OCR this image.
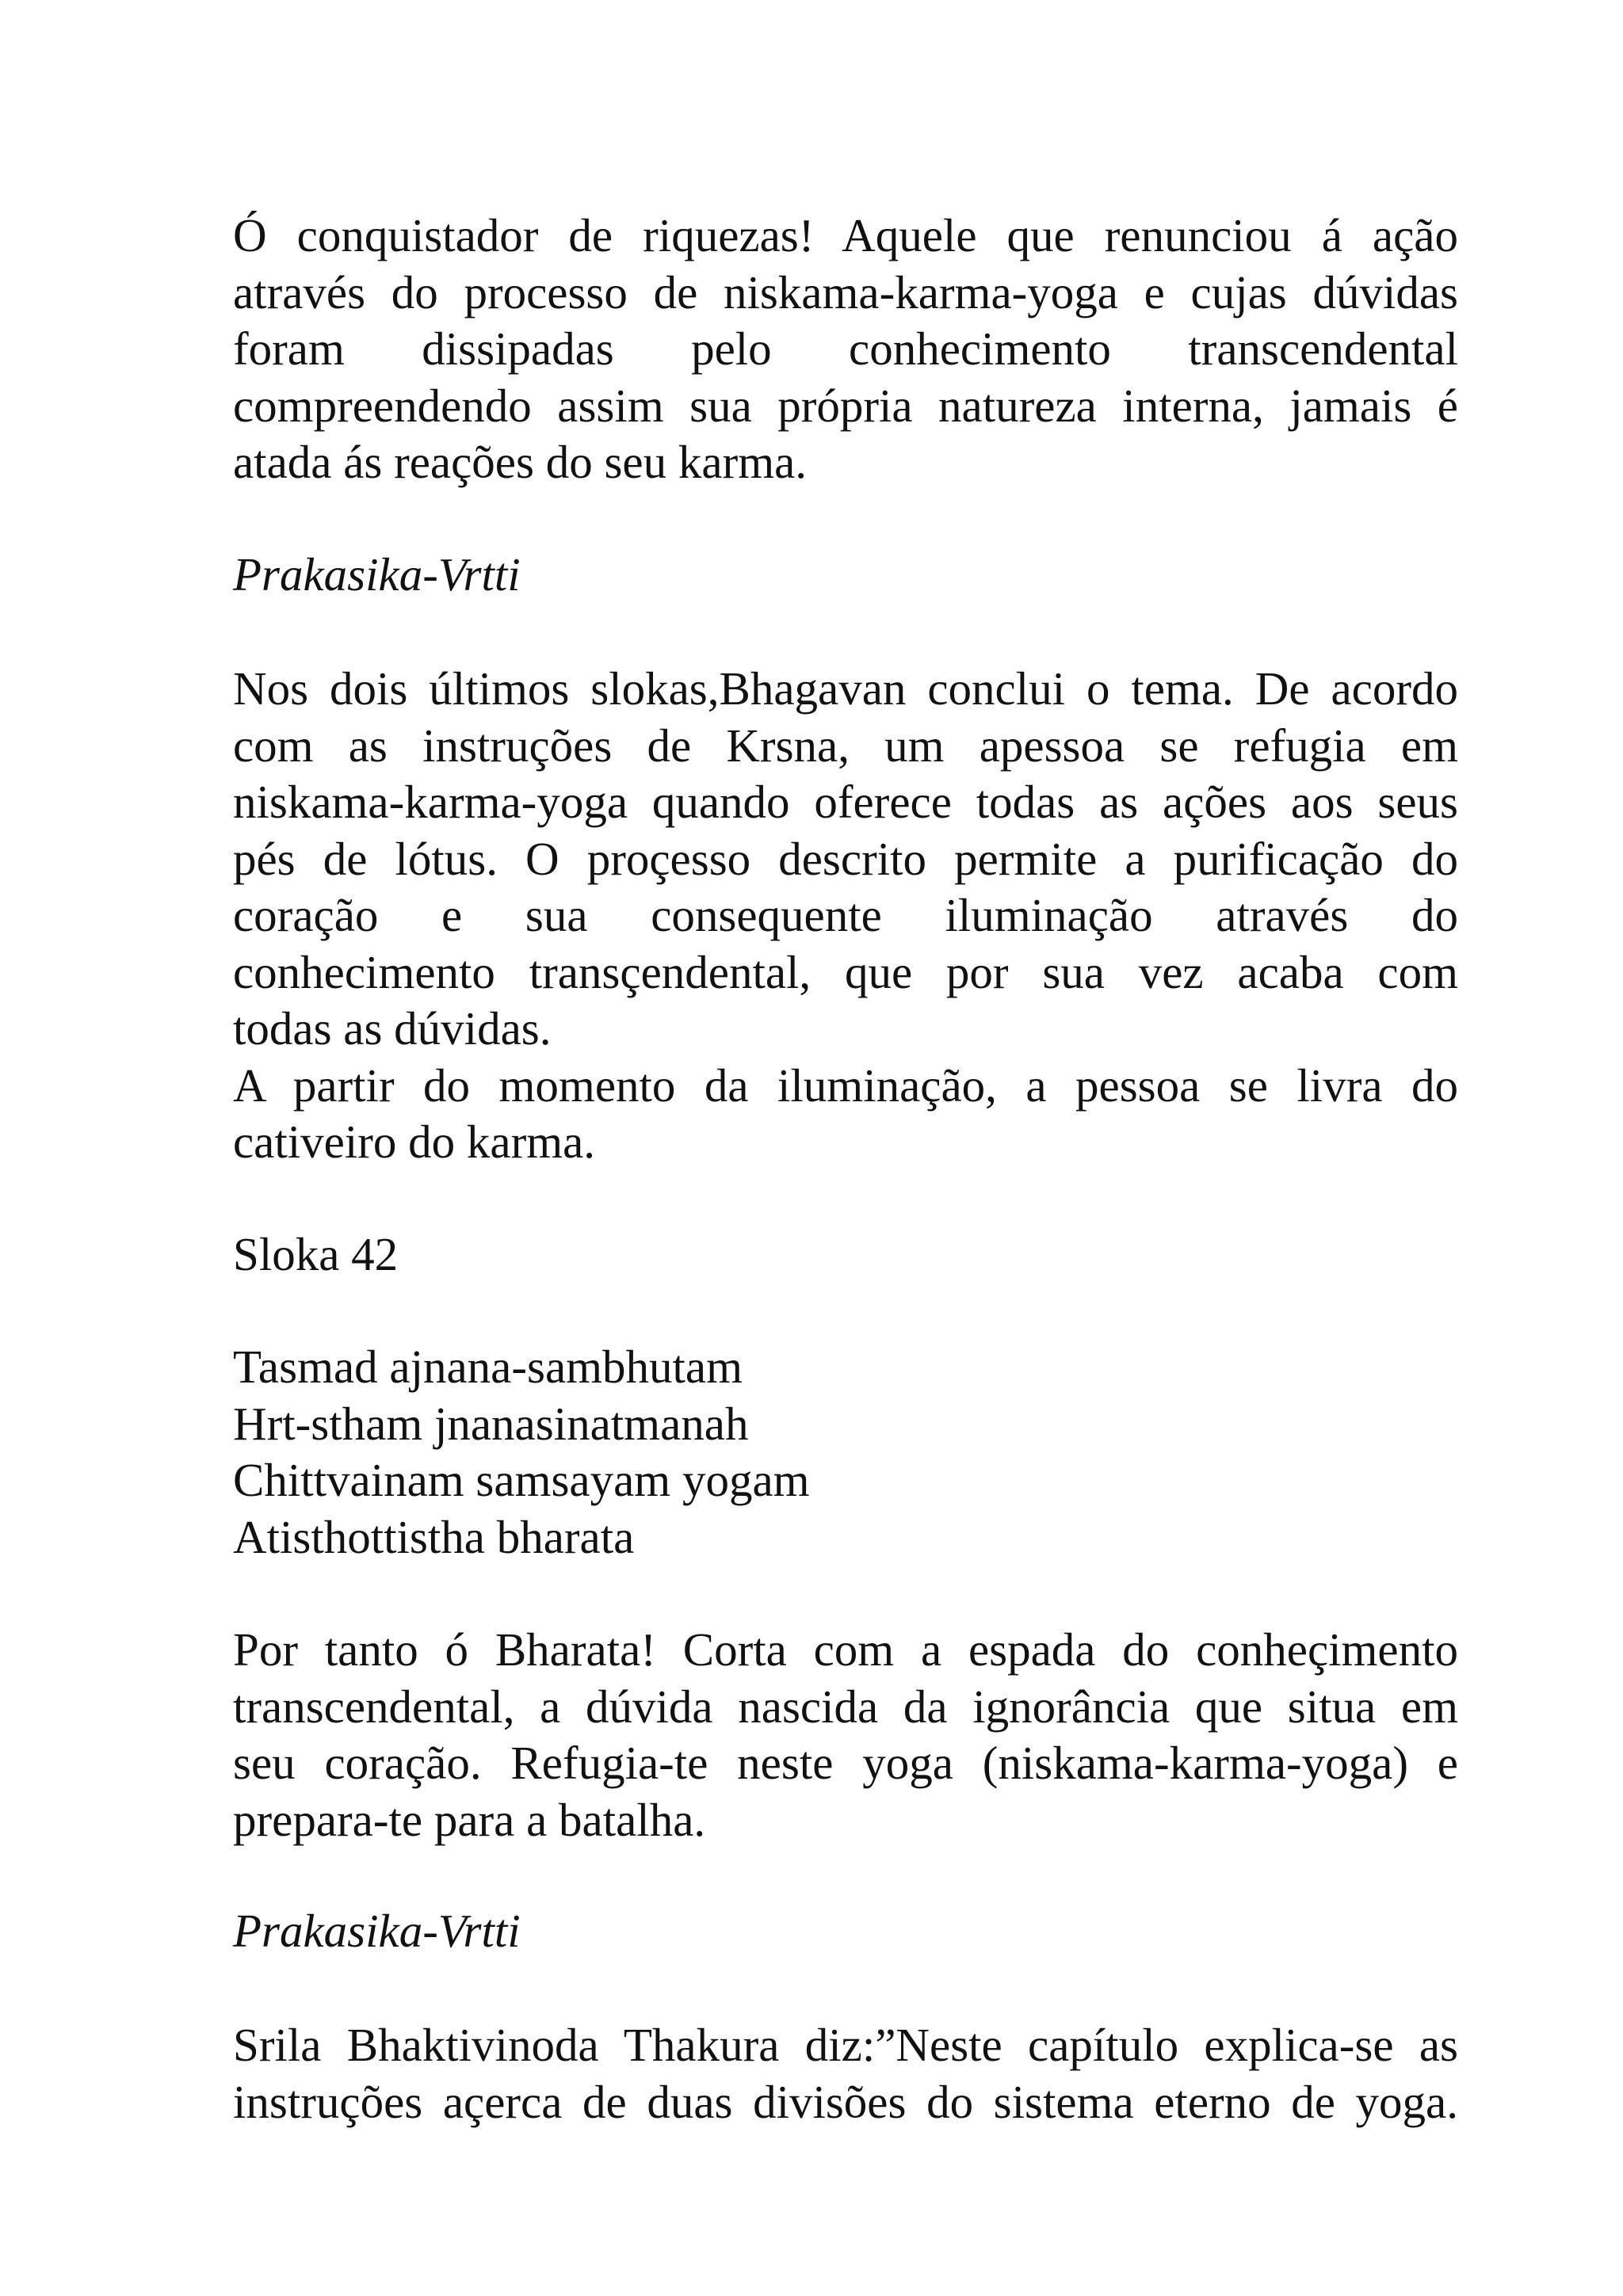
Ó conquistador de riquezas! Aquele que renunciou á ação
através do processo de niskama-karma-yoga e cujas dúvidas
foram dissipadas pelo conhecimento transcendental
compreendendo assim sua própria natureza interna, jamais é
atada ás reações do seu karma.
Prakasika-Vrtti
Nos dois últimos slokas,Bhagavan conclui o tema. De acordo
com as instruções de Krsna, um apessoa se refugia em
niskama-karma-yoga quando oferece todas as ações aos seus
pés de lótus. O proçesso descrito permite a purificação do
coração e sua consequente iluminação através do
conhecimento transçendental, que por sua vez acaba com
todas as dúvidas.
A partir do momento da iluminação, a pessoa se livra do
cativeiro do karma.
Sloka 42
Tasmad ajnana-sambhutam
Hrt-stham jnanasinatmanah
Chittvainam samsayam yogam
Atisthottistha bharata
Por tanto ó Bharata! Corta com a espada do conheçimento
transcendental, a dúvida nascida da ignorância que situa em
seu coração. Refugia-te neste yoga (niskama-karma-yoga) e
prepara-te para a batalha.
Prakasika-Vrtti
Srila Bhaktivinoda Thakura diz:”Neste capítulo explica-se as
instruções açerca de duas divisões do sistema eterno de yoga.
